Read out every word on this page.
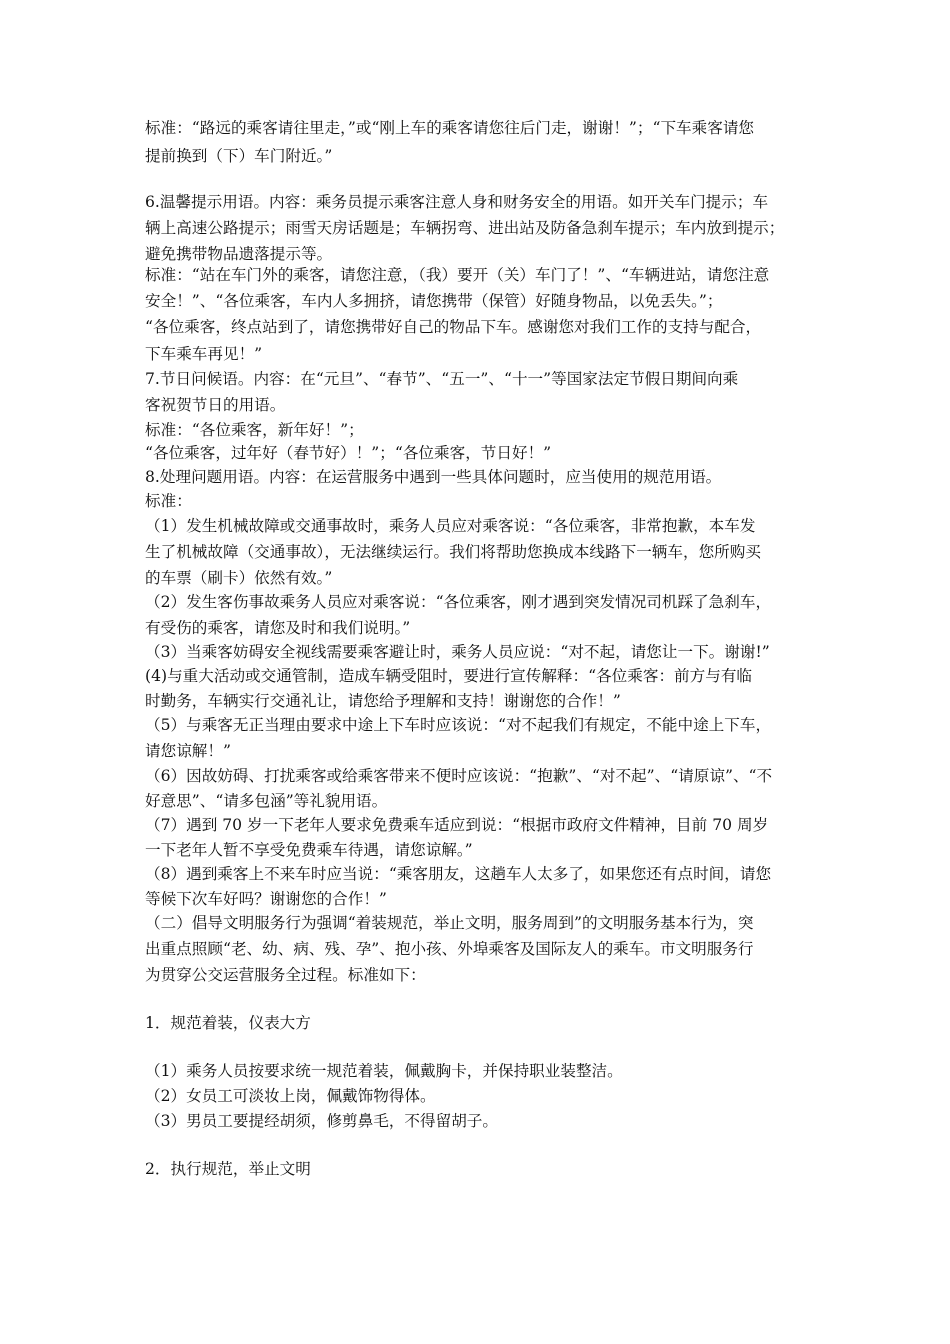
标准：“路远的乘客请往里走，”或“刚上车的乘客请您往后门走，谢谢！”；“下车乘客请您
提前换到（下）车门附近。”
6.温馨提示用语。内容：乘务员提示乘客注意人身和财务安全的用语。如开关车门提示；车
辆上高速公路提示；雨雪天房话题是；车辆拐弯、进出站及防备急刹车提示；车内放到提示；
避免携带物品遗落提示等。
标准：“站在车门外的乘客，请您注意，（我）要开（关）车门了！”、“车辆进站，请您注意
安全！”、“各位乘客，车内人多拥挤，请您携带（保管）好随身物品，以免丢失。”；
“各位乘客，终点站到了，请您携带好自己的物品下车。感谢您对我们工作的支持与配合，
下车乘车再见！”
7.节日问候语。内容：在“元旦”、“春节”、“五一”、“十一”等国家法定节假日期间向乘
客祝贺节日的用语。
标准：“各位乘客，新年好！”；
“各位乘客，过年好（春节好）！”；“各位乘客，节日好！”
8.处理问题用语。内容：在运营服务中遇到一些具体问题时，应当使用的规范用语。
标准：
（1）发生机械故障或交通事故时，乘务人员应对乘客说：“各位乘客，非常抱歉，本车发
生了机械故障（交通事故），无法继续运行。我们将帮助您换成本线路下一辆车，您所购买
的车票（刷卡）依然有效。”
（2）发生客伤事故乘务人员应对乘客说：“各位乘客，刚才遇到突发情况司机踩了急刹车，
有受伤的乘客，请您及时和我们说明。”
（3）当乘客妨碍安全视线需要乘客避让时，乘务人员应说：“对不起，请您让一下。谢谢!”
(4)与重大活动或交通管制，造成车辆受阻时，要进行宣传解释：“各位乘客：前方与有临
时勤务，车辆实行交通礼让，请您给予理解和支持！谢谢您的合作！”
（5）与乘客无正当理由要求中途上下车时应该说：“对不起我们有规定，不能中途上下车，
请您谅解！”
（6）因故妨碍、打扰乘客或给乘客带来不便时应该说：“抱歉”、“对不起”、“请原谅”、“不
好意思”、“请多包涵”等礼貌用语。
（7）遇到 70 岁一下老年人要求免费乘车适应到说：“根据市政府文件精神，目前 70 周岁
一下老年人暂不享受免费乘车待遇，请您谅解。”
（8）遇到乘客上不来车时应当说：“乘客朋友，这趟车人太多了，如果您还有点时间，请您
等候下次车好吗？谢谢您的合作！”
（二）倡导文明服务行为强调“着装规范，举止文明，服务周到”的文明服务基本行为，突
出重点照顾“老、幼、病、残、孕”、抱小孩、外埠乘客及国际友人的乘车。市文明服务行
为贯穿公交运营服务全过程。标准如下：
1．规范着装，仪表大方
（1）乘务人员按要求统一规范着装，佩戴胸卡，并保持职业装整洁。
（2）女员工可淡妆上岗，佩戴饰物得体。
（3）男员工要提经胡须，修剪鼻毛，不得留胡子。
2．执行规范，举止文明
